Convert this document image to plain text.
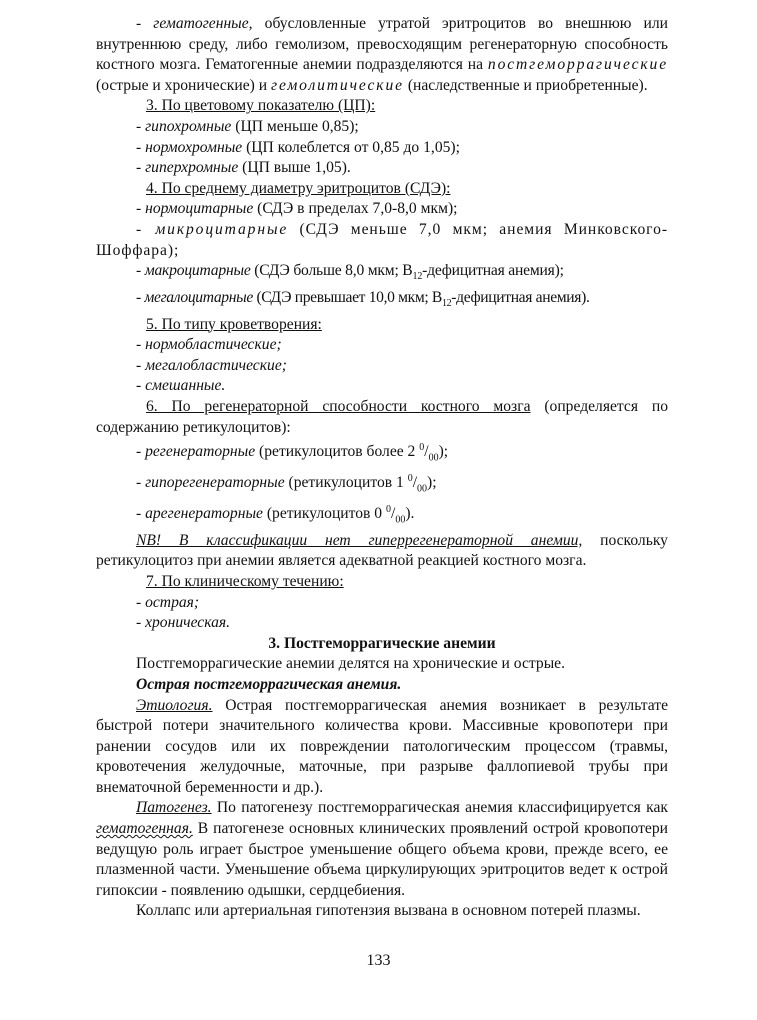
- гематогенные, обусловленные утратой эритроцитов во внешнюю или внутреннюю среду, либо гемолизом, превосходящим регенераторную способность костного мозга. Гематогенные анемии подразделяются на постгеморрагические (острые и хронические) и гемолитические (наследственные и приобретенные).

3. По цветовому показателю (ЦП):

- гипохромные (ЦП меньше 0,85);

- нормохромные (ЦП колеблется от 0,85 до 1,05);

- гиперхромные (ЦП выше 1,05).

4. По среднему диаметру эритроцитов (СДЭ):

- нормоцитарные (СДЭ в пределах 7,0-8,0 мкм);

- микроцитарные (СДЭ меньше 7,0 мкм; анемия Минковского-Шоффара);

- макроцитарные (СДЭ больше 8,0 мкм; $В_{12}$-дефицитная анемия);

- мегалоцитарные (СДЭ превышает 10,0 мкм; $В_{12}$-дефицитная анемия).

5. По типу кроветворения:

- нормобластические;

- мегалобластические;

- смешанные.

6. По регенераторной способности костного мозга (определяется по содержанию ретикулоцитов):

- регенераторные (ретикулоцитов более 2 $^0/_{00}$);

- гипорегенераторные (ретикулоцитов 1 $^0/_{00}$);

- арегенераторные (ретикулоцитов 0 $^0/_{00}$).

NB! В классификации нет гиперрегенераторной анемии, поскольку ретикулоцитоз при анемии является адекватной реакцией костного мозга.

7. По клиническому течению:

- острая;

- хроническая.

3. Постгеморрагические анемии

Постгеморрагические анемии делятся на хронические и острые.

Острая постгеморрагическая анемия.

Этиология. Острая постгеморрагическая анемия возникает в результате быстрой потери значительного количества крови. Массивные кровопотери при ранении сосудов или их повреждении патологическим процессом (травмы, кровотечения желудочные, маточные, при разрыве фаллопиевой трубы при внематочной беременности и др.).

Патогенез. По патогенезу постгеморрагическая анемия классифицируется как гематогенная. В патогенезе основных клинических проявлений острой кровопотери ведущую роль играет быстрое уменьшение общего объема крови, прежде всего, ее плазменной части. Уменьшение объема циркулирующих эритроцитов ведет к острой гипоксии - появлению одышки, сердцебиения.

Коллапс или артериальная гипотензия вызвана в основном потерей плазмы.

133
